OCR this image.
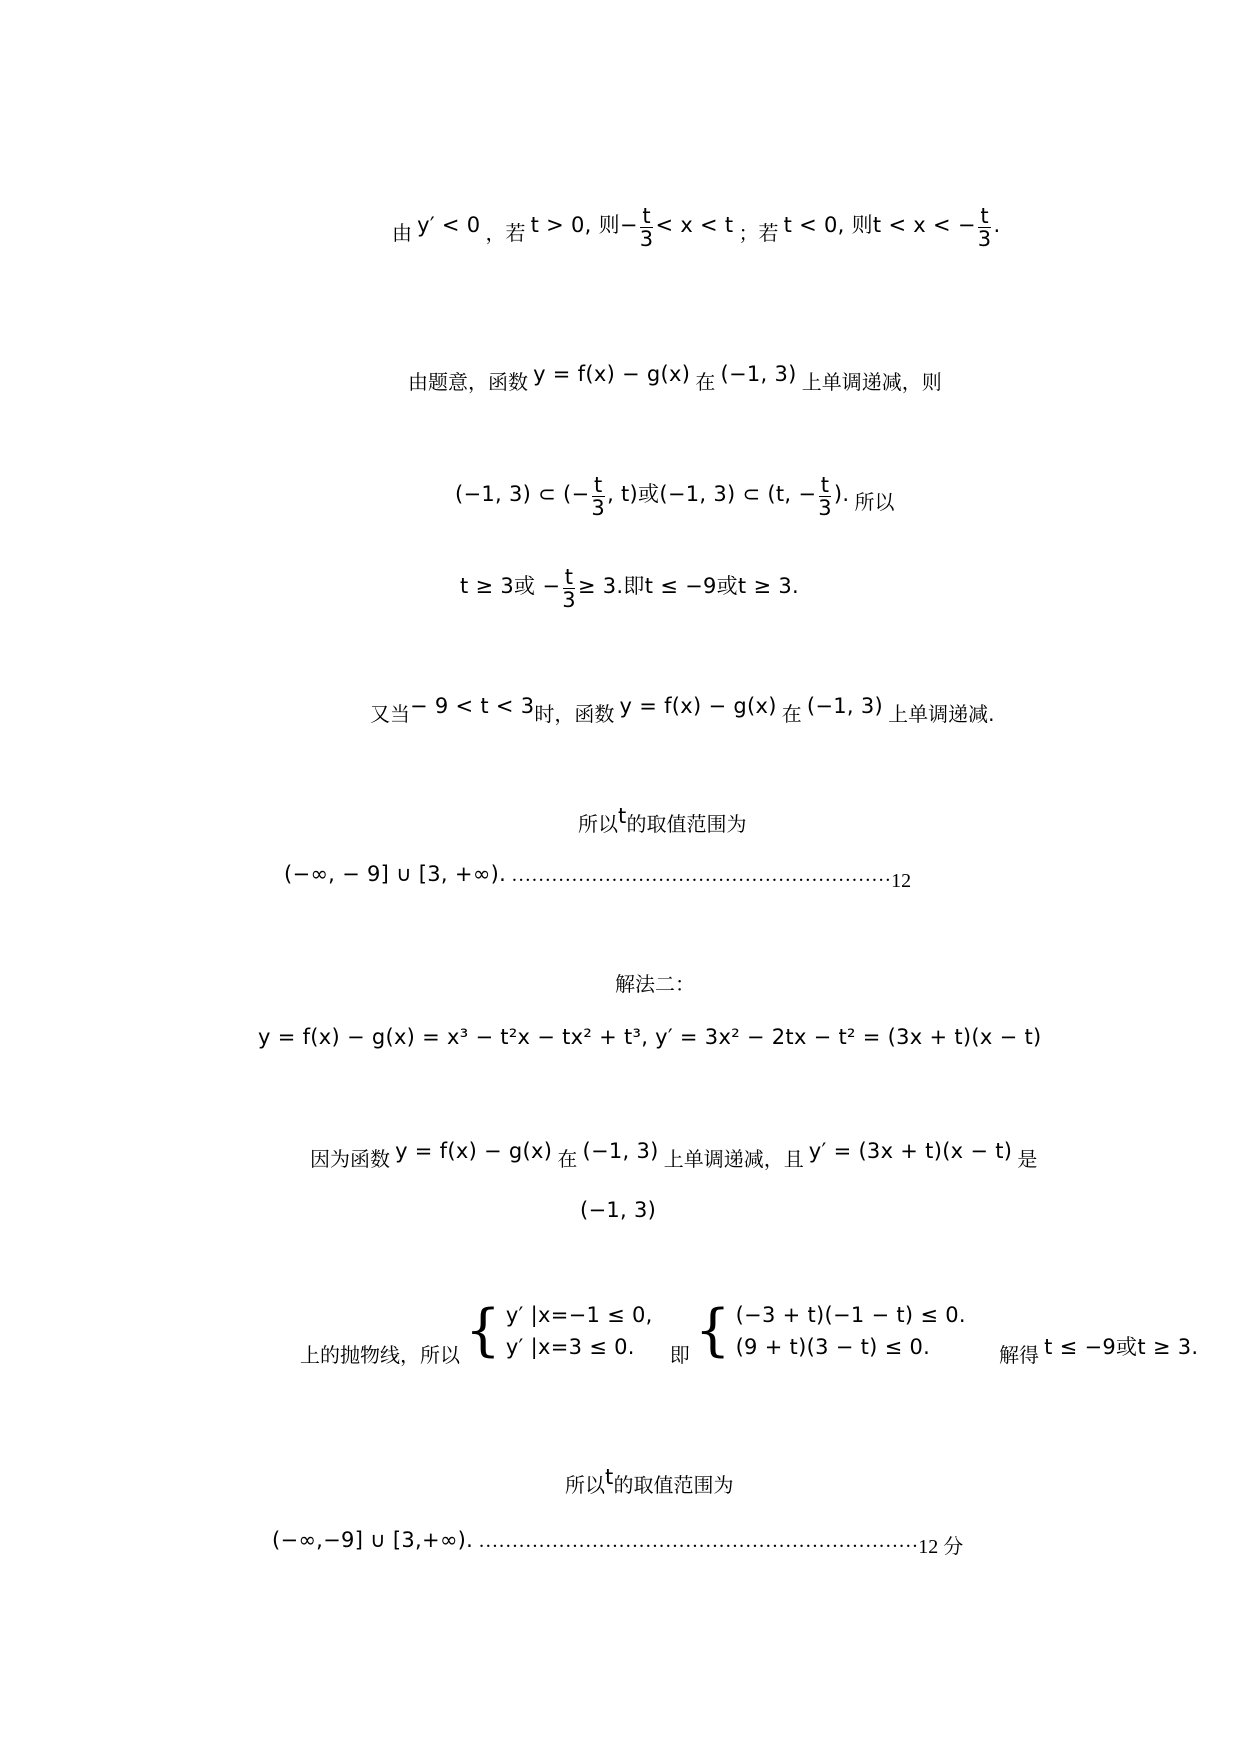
由 y′ < 0 ，若 t > 0, 则− $\frac{t}{3} < x < t$ ；若 t < 0, 则t < x < − $\frac{t}{3}$ .
由题意，函数 y = f(x) − g(x) 在 (−1, 3) 上单调递减，则
(−1, 3) ⊂ (− $\frac{t}{3}$ , t)或(−1, 3) ⊂ (t, − $\frac{t}{3}$ ). 所以
t ≥ 3或 − $\frac{t}{3} \ge 3$.即t ≤ −9或t ≥ 3.
又当− 9 < t < 3时，函数 y = f(x) − g(x) 在 (−1, 3) 上单调递减.
所以t的取值范围为
(−∞, − 9] ∪ [3, +∞). …………………………………………………12
解法二：
y = f(x) − g(x) = x³ − t²x − tx² + t³, y′ = 3x² − 2tx − t² = (3x + t)(x − t)
因为函数 y = f(x) − g(x) 在 (−1, 3) 上单调递减，且 y′ = (3x + t)(x − t) 是
(−1, 3)
上的抛物线，所以 { y′ |x=−1 ≤ 0,
y′ |x=3 ≤ 0.	即 { (−3 + t)(−1 − t) ≤ 0.
(9 + t)(3 − t) ≤ 0.	解得 t ≤ −9或t ≥ 3.
所以t的取值范围为
(−∞,−9] ∪ [3,+∞). …………………………………………………………12 分
